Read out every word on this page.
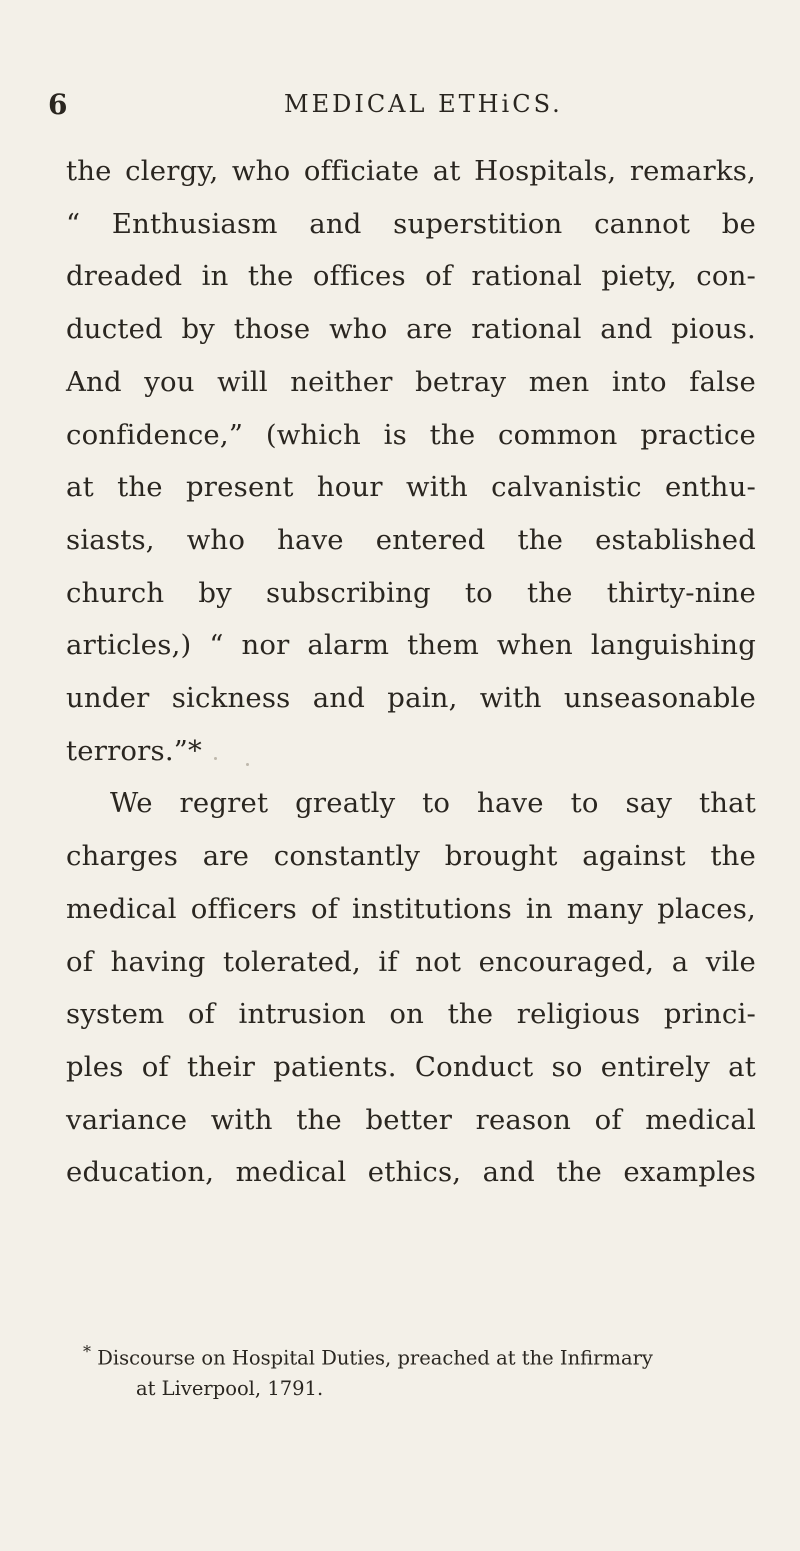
6	MEDICAL ETHiCS.
the clergy, who officiate at Hospitals, remarks,
“ Enthusiasm and superstition cannot be
dreaded in the offices of rational piety, con-
ducted by those who are rational and pious.
And you will neither betray men into false
confidence,” (which is the common practice
at the present hour with calvanistic enthu-
siasts, who have entered the established
church by subscribing to the thirty-nine
articles,) “ nor alarm them when languishing
under sickness and pain, with unseasonable
terrors.”*
We regret greatly to have to say that
charges are constantly brought against the
medical officers of institutions in many places,
of having tolerated, if not encouraged, a vile
system of intrusion on the religious princi-
ples of their patients. Conduct so entirely at
variance with the better reason of medical
education, medical ethics, and the examples
* Discourse on Hospital Duties, preached at the Infirmary
at Liverpool, 1791.
